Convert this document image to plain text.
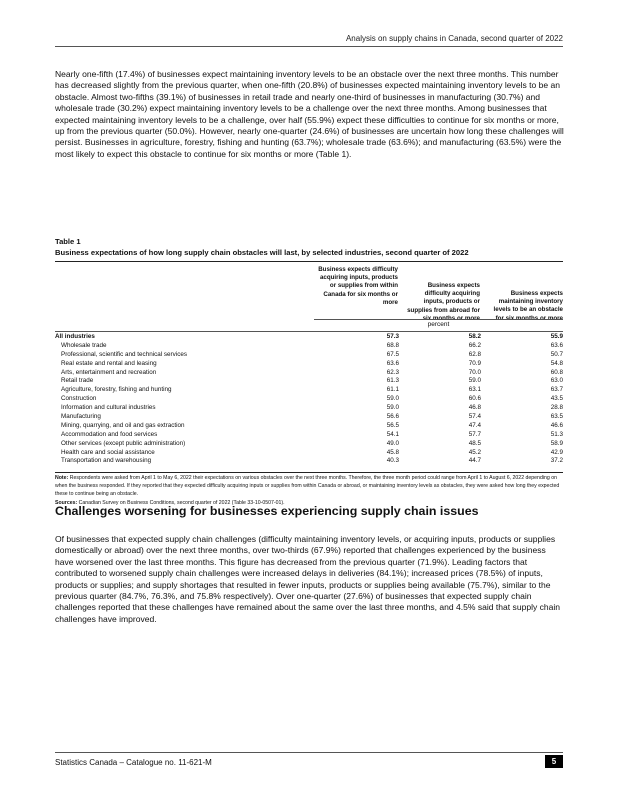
Analysis on supply chains in Canada, second quarter of 2022

Nearly one-fifth (17.4%) of businesses expect maintaining inventory levels to be an obstacle over the next three months. This number has decreased slightly from the previous quarter, when one-fifth (20.8%) of businesses expected maintaining inventory levels to be an obstacle. Almost two-fifths (39.1%) of businesses in retail trade and nearly one-third of businesses in manufacturing (30.7%) and wholesale trade (30.2%) expect maintaining inventory levels to be a challenge over the next three months. Among businesses that expected maintaining inventory levels to be a challenge, over half (55.9%) expect these difficulties to continue for six months or more, up from the previous quarter (50.0%). However, nearly one-quarter (24.6%) of businesses are uncertain how long these challenges will persist. Businesses in agriculture, forestry, fishing and hunting (63.7%); wholesale trade (63.6%); and manufacturing (63.5%) were the most likely to expect this obstacle to continue for six months or more (Table 1).

Table 1
Business expectations of how long supply chain obstacles will last, by selected industries, second quarter of 2022
Business expects difficulty acquiring inputs, products or supplies from within Canada for six months or more
Business expects difficulty acquiring inputs, products or supplies from abroad for six months or more
Business expects maintaining inventory levels to be an obstacle for six months or more
percent
All industries	57.3	58.2	55.9
Wholesale trade	68.8	66.2	63.6
Professional, scientific and technical services	67.5	62.8	50.7
Real estate and rental and leasing	63.6	70.9	54.8
Arts, entertainment and recreation	62.3	70.0	60.8
Retail trade	61.3	59.0	63.0
Agriculture, forestry, fishing and hunting	61.1	63.1	63.7
Construction	59.0	60.6	43.5
Information and cultural industries	59.0	46.8	28.8
Manufacturing	56.6	57.4	63.5
Mining, quarrying, and oil and gas extraction	56.5	47.4	46.6
Accommodation and food services	54.1	57.7	51.3
Other services (except public administration)	49.0	48.5	58.9
Health care and social assistance	45.8	45.2	42.9
Transportation and warehousing	40.3	44.7	37.2
Note: Respondents were asked from April 1 to May 6, 2022 their expectations on various obstacles over the next three months. Therefore, the three month period could range from April 1 to August 6, 2022 depending on when the business responded. If they reported that they expected difficulty acquiring inputs or supplies from within Canada or abroad, or maintaining inventory levels as obstacles, they were asked how long they expected these to continue being an obstacle.
Sources: Canadian Survey on Business Conditions, second quarter of 2022 (Table 33-10-0507-01).
Challenges worsening for businesses experiencing supply chain issues

Of businesses that expected supply chain challenges (difficulty maintaining inventory levels, or acquiring inputs, products or supplies domestically or abroad) over the next three months, over two-thirds (67.9%) reported that challenges experienced by the business have worsened over the last three months. This figure has decreased from the previous quarter (71.9%). Leading factors that contributed to worsened supply chain challenges were increased delays in deliveries (84.1%); increased prices (78.5%) of inputs, products or supplies; and supply shortages that resulted in fewer inputs, products or supplies being available (75.7%), similar to the previous quarter (84.7%, 76.3%, and 75.8% respectively). Over one-quarter (27.6%) of businesses that expected supply chain challenges reported that these challenges have remained about the same over the last three months, and 4.5% said that supply chain challenges have improved.

Statistics Canada – Catalogue no. 11-621-M	5
